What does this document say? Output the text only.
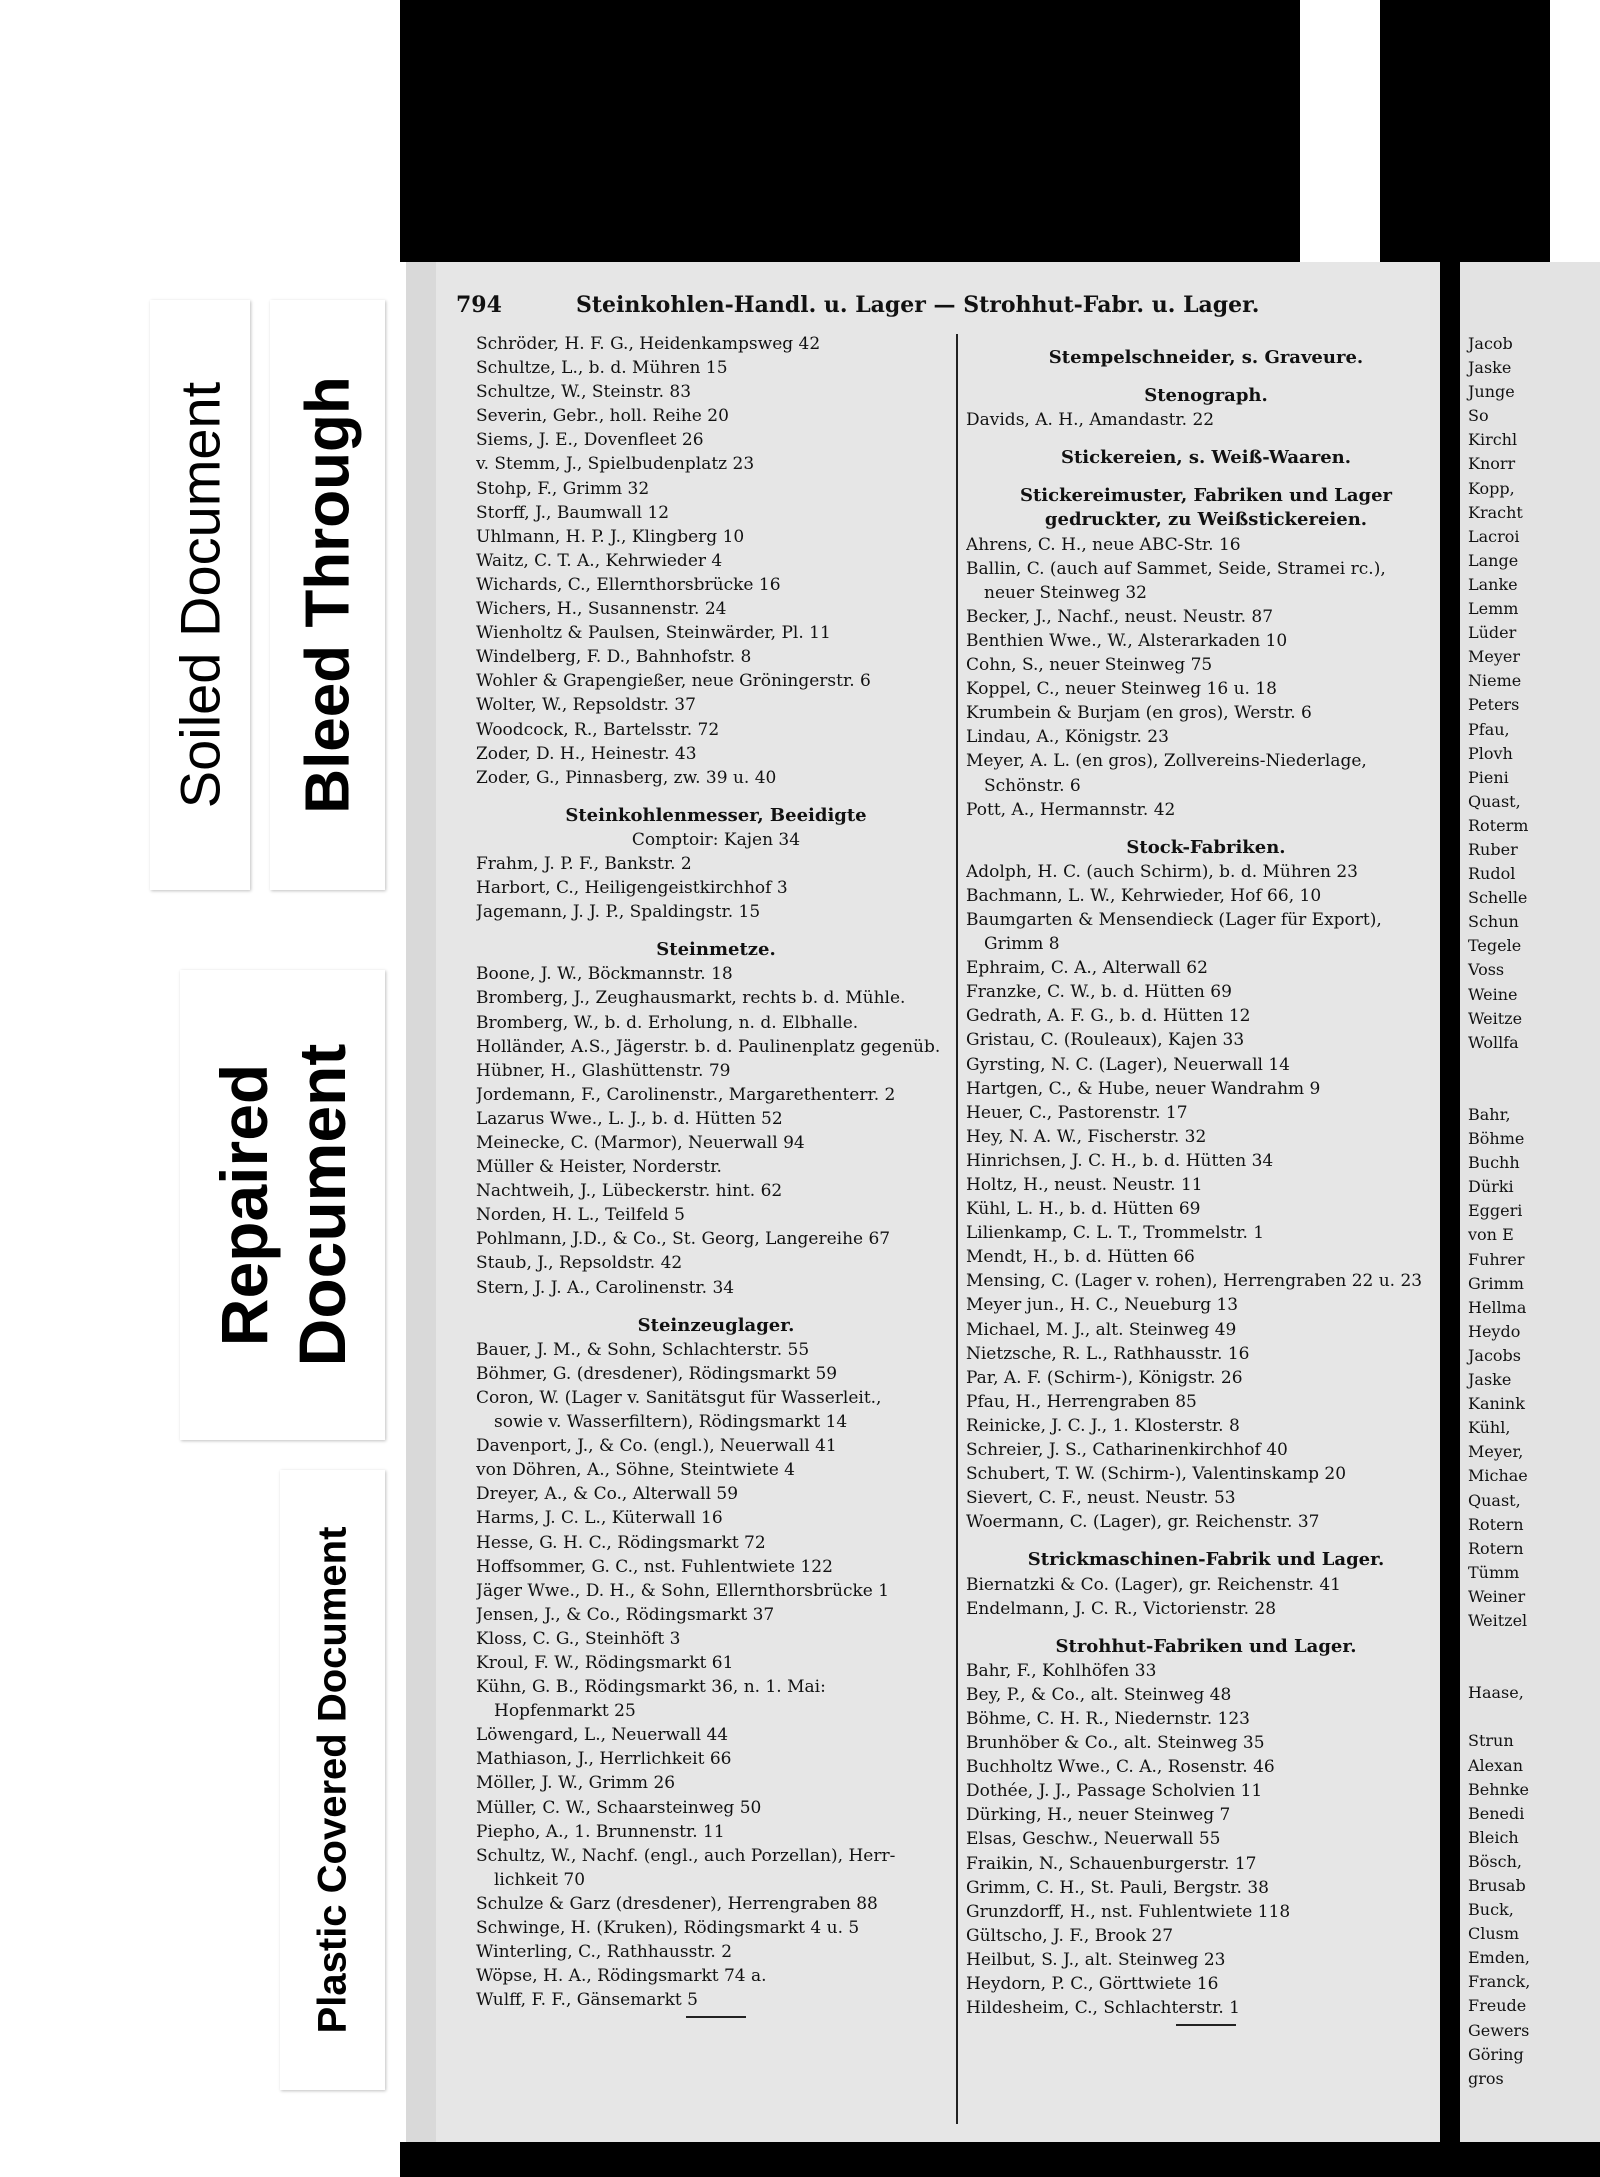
Soiled Document Bleed Through
Repaired Document
Plastic Covered Document
794	Steinkohlen-Handl. u. Lager — Strohhut-Fabr. u. Lager.
Schröder, H. F. G., Heidenkampsweg 42
Schultze, L., b. d. Mühren 15
Schultze, W., Steinstr. 83
Severin, Gebr., holl. Reihe 20
Siems, J. E., Dovenfleet 26
v. Stemm, J., Spielbudenplatz 23
Stohp, F., Grimm 32
Storff, J., Baumwall 12
Uhlmann, H. P. J., Klingberg 10
Waitz, C. T. A., Kehrwieder 4
Wichards, C., Ellernthorsbrücke 16
Wichers, H., Susannenstr. 24
Wienholtz & Paulsen, Steinwärder, Pl. 11
Windelberg, F. D., Bahnhofstr. 8
Wohler & Grapengießer, neue Gröningerstr. 6
Wolter, W., Repsoldstr. 37
Woodcock, R., Bartelsstr. 72
Zoder, D. H., Heinestr. 43
Zoder, G., Pinnasberg, zw. 39 u. 40
Steinkohlenmesser, Beeidigte
Comptoir: Kajen 34
Frahm, J. P. F., Bankstr. 2
Harbort, C., Heiligengeistkirchhof 3
Jagemann, J. J. P., Spaldingstr. 15
Steinmetze.
Boone, J. W., Böckmannstr. 18
Bromberg, J., Zeughausmarkt, rechts b. d. Mühle.
Bromberg, W., b. d. Erholung, n. d. Elbhalle.
Holländer, A.S., Jägerstr. b. d. Paulinenplatz gegenüb.
Hübner, H., Glashüttenstr. 79
Jordemann, F., Carolinenstr., Margarethenterr. 2
Lazarus Wwe., L. J., b. d. Hütten 52
Meinecke, C. (Marmor), Neuerwall 94
Müller & Heister, Norderstr.
Nachtweih, J., Lübeckerstr. hint. 62
Norden, H. L., Teilfeld 5
Pohlmann, J.D., & Co., St. Georg, Langereihe 67
Staub, J., Repsoldstr. 42
Stern, J. J. A., Carolinenstr. 34
Steinzeuglager.
Bauer, J. M., & Sohn, Schlachterstr. 55
Böhmer, G. (dresdener), Rödingsmarkt 59
Coron, W. (Lager v. Sanitätsgut für Wasserleit.,
sowie v. Wasserfiltern), Rödingsmarkt 14
Davenport, J., & Co. (engl.), Neuerwall 41
von Döhren, A., Söhne, Steintwiete 4
Dreyer, A., & Co., Alterwall 59
Harms, J. C. L., Küterwall 16
Hesse, G. H. C., Rödingsmarkt 72
Hoffsommer, G. C., nst. Fuhlentwiete 122
Jäger Wwe., D. H., & Sohn, Ellernthorsbrücke 1
Jensen, J., & Co., Rödingsmarkt 37
Kloss, C. G., Steinhöft 3
Kroul, F. W., Rödingsmarkt 61
Kühn, G. B., Rödingsmarkt 36, n. 1. Mai:
Hopfenmarkt 25
Löwengard, L., Neuerwall 44
Mathiason, J., Herrlichkeit 66
Möller, J. W., Grimm 26
Müller, C. W., Schaarsteinweg 50
Piepho, A., 1. Brunnenstr. 11
Schultz, W., Nachf. (engl., auch Porzellan), Herr-
lichkeit 70
Schulze & Garz (dresdener), Herrengraben 88
Schwinge, H. (Kruken), Rödingsmarkt 4 u. 5
Winterling, C., Rathhausstr. 2
Wöpse, H. A., Rödingsmarkt 74 a.
Wulff, F. F., Gänsemarkt 5
Stempelschneider, s. Graveure.
Stenograph.
Davids, A. H., Amandastr. 22
Stickereien, s. Weiß-Waaren.
Stickereimuster, Fabriken und Lager gedruckter, zu Weißstickereien.
Ahrens, C. H., neue ABC-Str. 16
Ballin, C. (auch auf Sammet, Seide, Stramei rc.),
neuer Steinweg 32
Becker, J., Nachf., neust. Neustr. 87
Benthien Wwe., W., Alsterarkaden 10
Cohn, S., neuer Steinweg 75
Koppel, C., neuer Steinweg 16 u. 18
Krumbein & Burjam (en gros), Werstr. 6
Lindau, A., Königstr. 23
Meyer, A. L. (en gros), Zollvereins-Niederlage,
Schönstr. 6
Pott, A., Hermannstr. 42
Stock-Fabriken.
Adolph, H. C. (auch Schirm), b. d. Mühren 23
Bachmann, L. W., Kehrwieder, Hof 66, 10
Baumgarten & Mensendieck (Lager für Export),
Grimm 8
Ephraim, C. A., Alterwall 62
Franzke, C. W., b. d. Hütten 69
Gedrath, A. F. G., b. d. Hütten 12
Gristau, C. (Rouleaux), Kajen 33
Gyrsting, N. C. (Lager), Neuerwall 14
Hartgen, C., & Hube, neuer Wandrahm 9
Heuer, C., Pastorenstr. 17
Hey, N. A. W., Fischerstr. 32
Hinrichsen, J. C. H., b. d. Hütten 34
Holtz, H., neust. Neustr. 11
Kühl, L. H., b. d. Hütten 69
Lilienkamp, C. L. T., Trommelstr. 1
Mendt, H., b. d. Hütten 66
Mensing, C. (Lager v. rohen), Herrengraben 22 u. 23
Meyer jun., H. C., Neueburg 13
Michael, M. J., alt. Steinweg 49
Nietzsche, R. L., Rathhausstr. 16
Par, A. F. (Schirm-), Königstr. 26
Pfau, H., Herrengraben 85
Reinicke, J. C. J., 1. Klosterstr. 8
Schreier, J. S., Catharinenkirchhof 40
Schubert, T. W. (Schirm-), Valentinskamp 20
Sievert, C. F., neust. Neustr. 53
Woermann, C. (Lager), gr. Reichenstr. 37
Strickmaschinen-Fabrik und Lager.
Biernatzki & Co. (Lager), gr. Reichenstr. 41
Endelmann, J. C. R., Victorienstr. 28
Strohhut-Fabriken und Lager.
Bahr, F., Kohlhöfen 33
Bey, P., & Co., alt. Steinweg 48
Böhme, C. H. R., Niedernstr. 123
Brunhöber & Co., alt. Steinweg 35
Buchholtz Wwe., C. A., Rosenstr. 46
Dothée, J. J., Passage Scholvien 11
Dürking, H., neuer Steinweg 7
Elsas, Geschw., Neuerwall 55
Fraikin, N., Schauenburgerstr. 17
Grimm, C. H., St. Pauli, Bergstr. 38
Grunzdorff, H., nst. Fuhlentwiete 118
Gültscho, J. F., Brook 27
Heilbut, S. J., alt. Steinweg 23
Heydorn, P. C., Görttwiete 16
Hildesheim, C., Schlachterstr. 1
Jacob
Jaske
Junge
So
Kirchl
Knorr
Kopp,
Kracht
Lacroi
Lange
Lanke
Lemm
Lüder
Meyer
Nieme
Peters
Pfau,
Plovh
Pieni
Quast,
Roterm
Ruber
Rudol
Schelle
Schun
Tegele
Voss
Weine
Weitze
Wollfa

Bahr,
Böhme
Buchh
Dürki
Eggeri
von E
Fuhrer
Grimm
Hellma
Heydo
Jacobs
Jaske
Kanink
Kühl,
Meyer,
Michae
Quast,
Rotern
Rotern
Tümm
Weiner
Weitzel

Haase,

Strun
Alexan
Behnke
Benedi
Bleich
Bösch,
Brusab
Buck,
Clusm
Emden,
Franck,
Freude
Gewers
Göring
gros
